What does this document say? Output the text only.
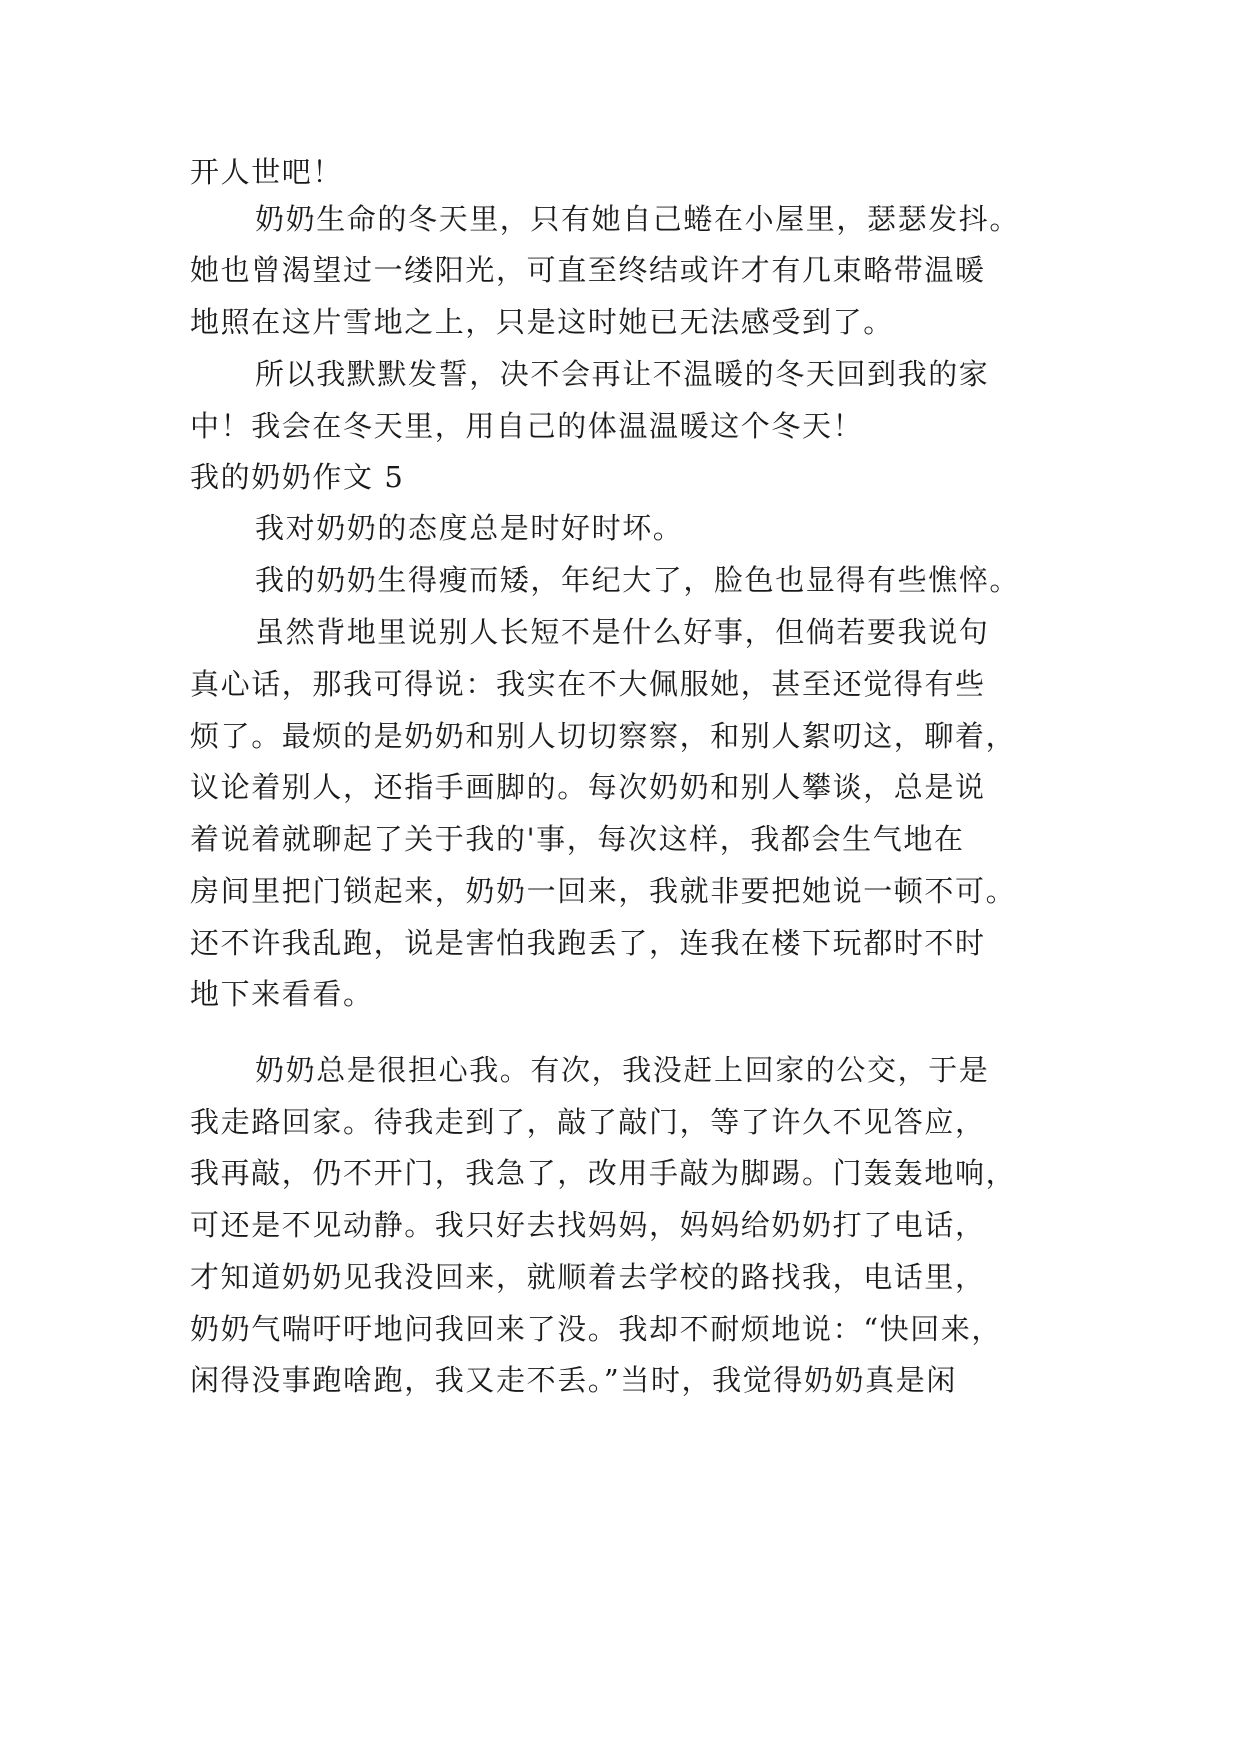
开人世吧！
奶奶生命的冬天里，只有她自己蜷在小屋里，瑟瑟发抖。
她也曾渴望过一缕阳光，可直至终结或许才有几束略带温暖
地照在这片雪地之上，只是这时她已无法感受到了。
所以我默默发誓，决不会再让不温暖的冬天回到我的家
中！我会在冬天里，用自己的体温温暖这个冬天！
我的奶奶作文 5
我对奶奶的态度总是时好时坏。
我的奶奶生得瘦而矮，年纪大了，脸色也显得有些憔悴。
虽然背地里说别人长短不是什么好事，但倘若要我说句
真心话，那我可得说：我实在不大佩服她，甚至还觉得有些
烦了。最烦的是奶奶和别人切切察察，和别人絮叨这，聊着，
议论着别人，还指手画脚的。每次奶奶和别人攀谈，总是说
着说着就聊起了关于我的'事，每次这样，我都会生气地在
房间里把门锁起来，奶奶一回来，我就非要把她说一顿不可。
还不许我乱跑，说是害怕我跑丢了，连我在楼下玩都时不时
地下来看看。
奶奶总是很担心我。有次，我没赶上回家的公交，于是
我走路回家。待我走到了，敲了敲门，等了许久不见答应，
我再敲，仍不开门，我急了，改用手敲为脚踢。门轰轰地响，
可还是不见动静。我只好去找妈妈，妈妈给奶奶打了电话，
才知道奶奶见我没回来，就顺着去学校的路找我，电话里，
奶奶气喘吁吁地问我回来了没。我却不耐烦地说：“快回来，
闲得没事跑啥跑，我又走不丢。”当时，我觉得奶奶真是闲
